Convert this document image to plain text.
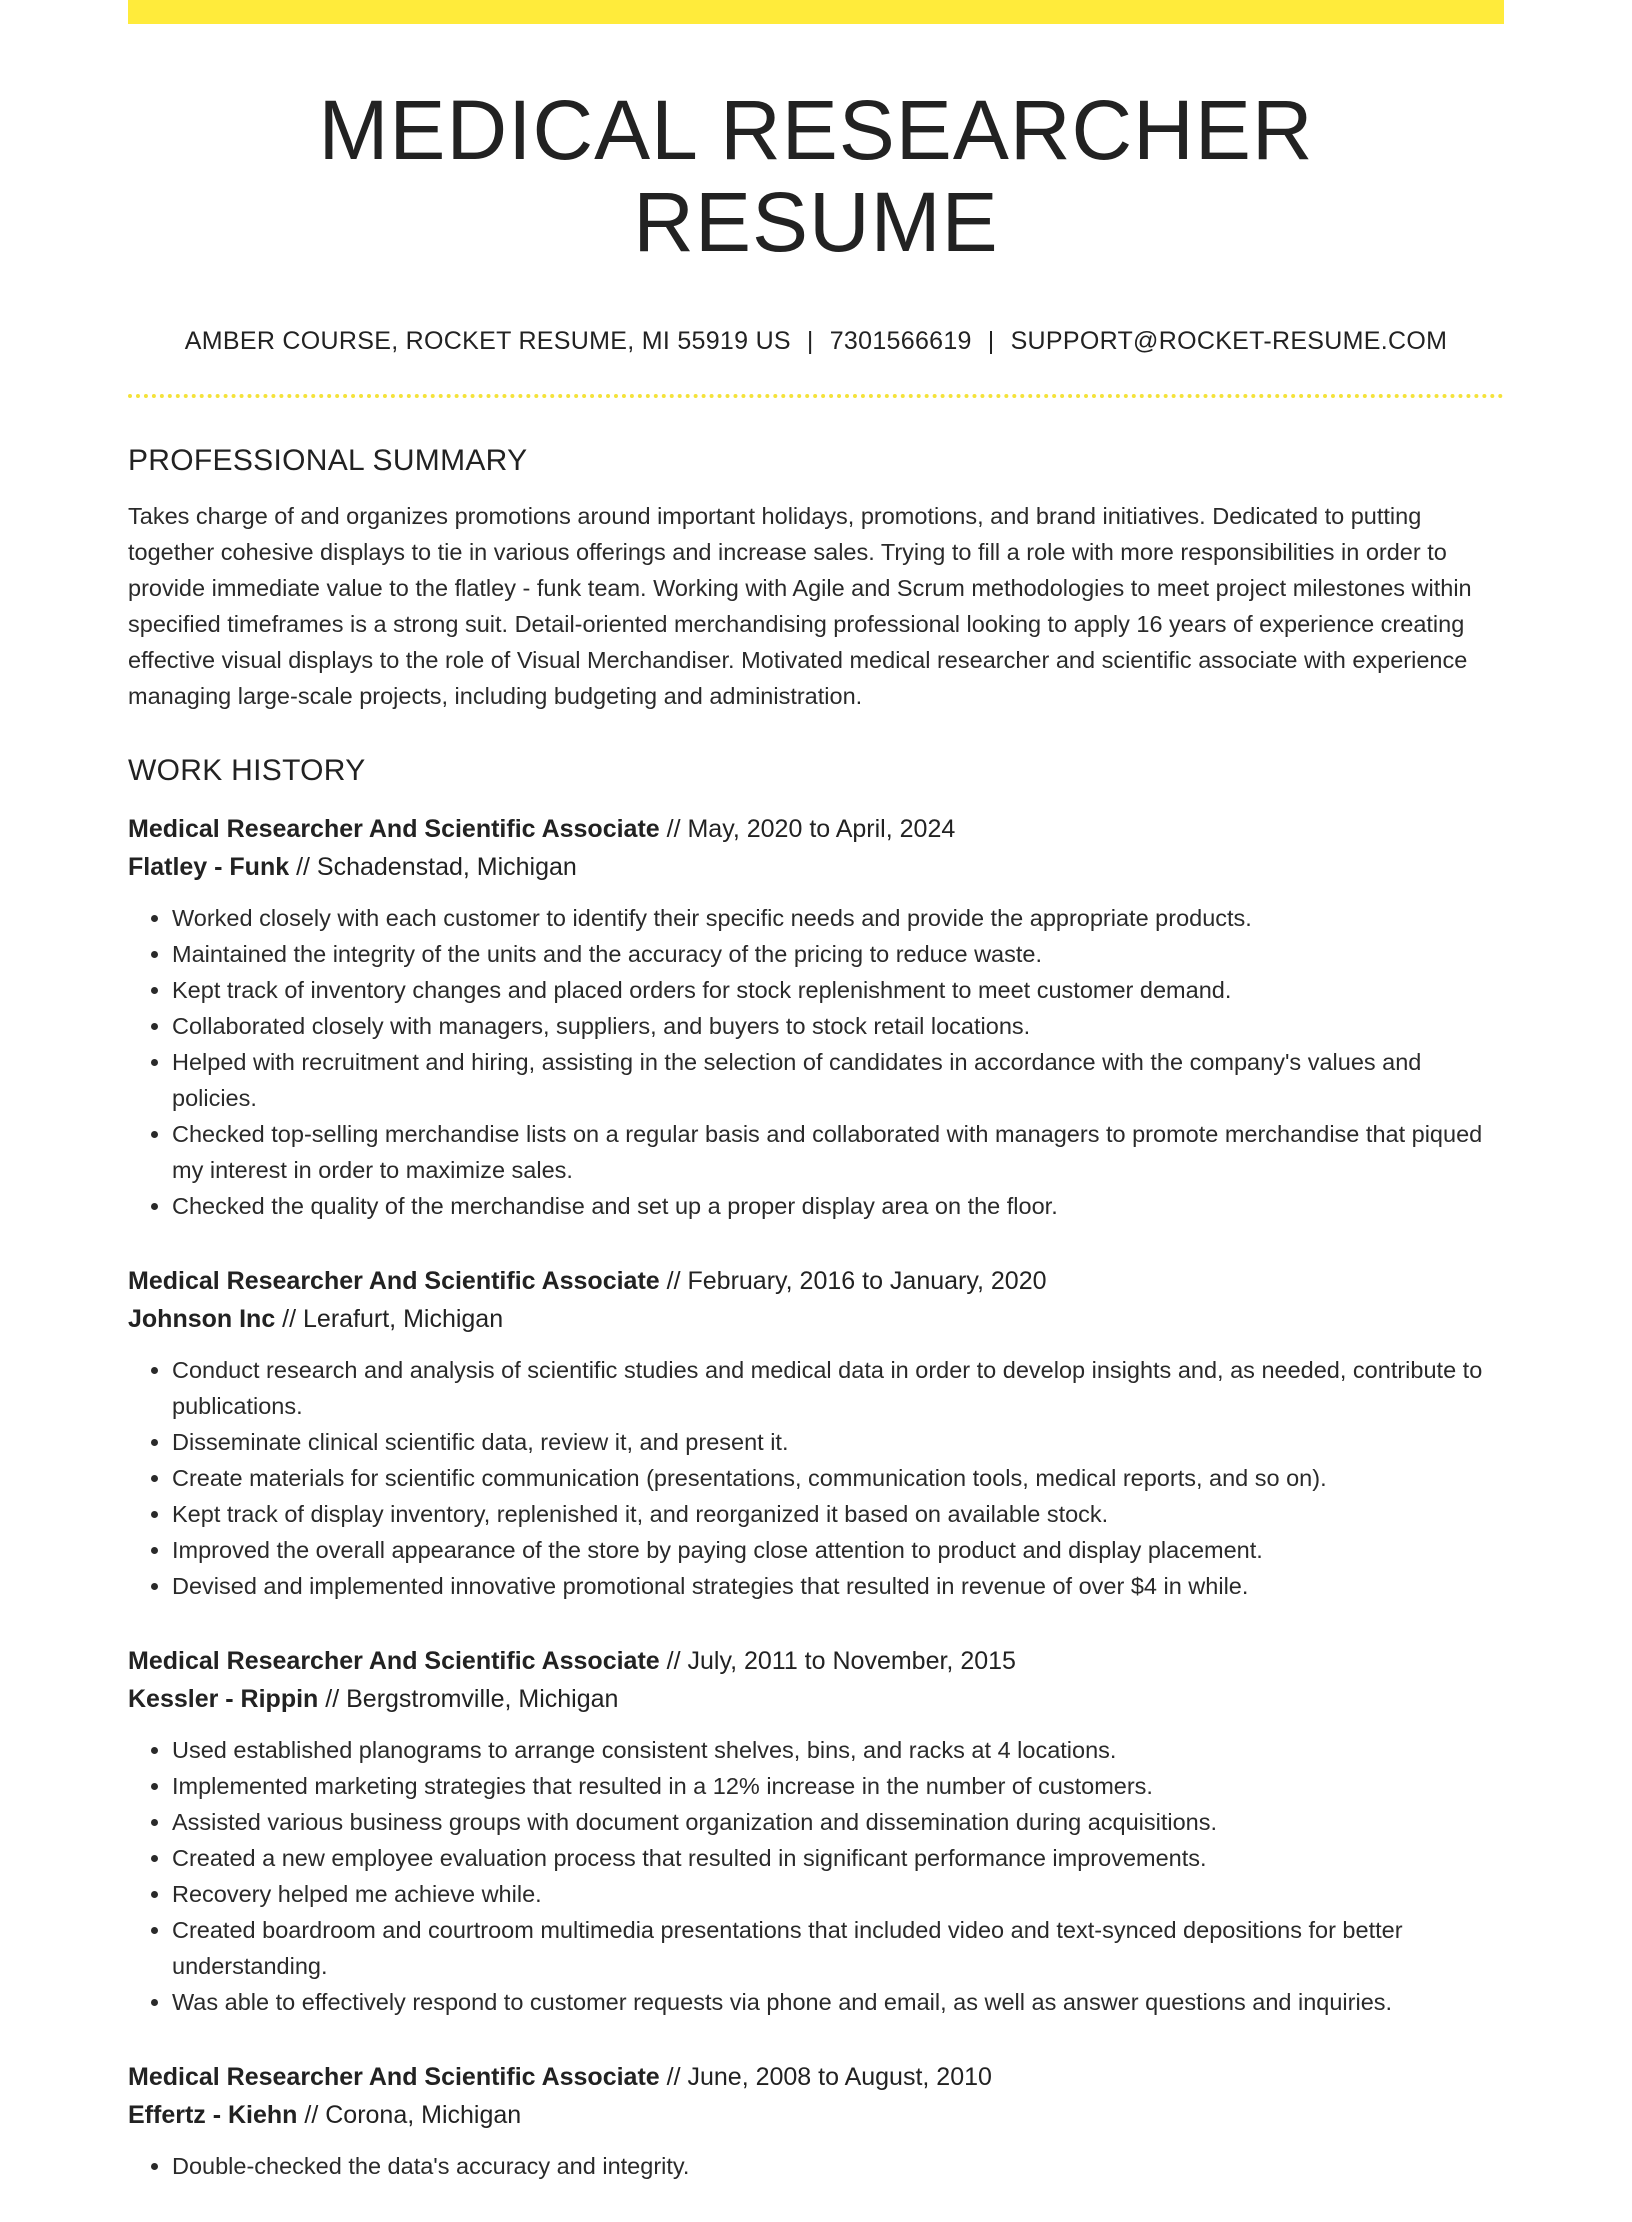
MEDICAL RESEARCHER RESUME
AMBER COURSE, ROCKET RESUME, MI 55919 US | 7301566619 | SUPPORT@ROCKET-RESUME.COM
PROFESSIONAL SUMMARY

Takes charge of and organizes promotions around important holidays, promotions, and brand initiatives. Dedicated to putting together cohesive displays to tie in various offerings and increase sales. Trying to fill a role with more responsibilities in order to provide immediate value to the flatley - funk team. Working with Agile and Scrum methodologies to meet project milestones within specified timeframes is a strong suit. Detail-oriented merchandising professional looking to apply 16 years of experience creating effective visual displays to the role of Visual Merchandiser. Motivated medical researcher and scientific associate with experience managing large-scale projects, including budgeting and administration.

WORK HISTORY
Medical Researcher And Scientific Associate // May, 2020 to April, 2024
Flatley - Funk // Schadenstad, Michigan
• Worked closely with each customer to identify their specific needs and provide the appropriate products.
• Maintained the integrity of the units and the accuracy of the pricing to reduce waste.
• Kept track of inventory changes and placed orders for stock replenishment to meet customer demand.
• Collaborated closely with managers, suppliers, and buyers to stock retail locations.
• Helped with recruitment and hiring, assisting in the selection of candidates in accordance with the company's values and policies.
• Checked top-selling merchandise lists on a regular basis and collaborated with managers to promote merchandise that piqued my interest in order to maximize sales.
• Checked the quality of the merchandise and set up a proper display area on the floor.
Medical Researcher And Scientific Associate // February, 2016 to January, 2020
Johnson Inc // Lerafurt, Michigan
• Conduct research and analysis of scientific studies and medical data in order to develop insights and, as needed, contribute to publications.
• Disseminate clinical scientific data, review it, and present it.
• Create materials for scientific communication (presentations, communication tools, medical reports, and so on).
• Kept track of display inventory, replenished it, and reorganized it based on available stock.
• Improved the overall appearance of the store by paying close attention to product and display placement.
• Devised and implemented innovative promotional strategies that resulted in revenue of over $4 in while.
Medical Researcher And Scientific Associate // July, 2011 to November, 2015
Kessler - Rippin // Bergstromville, Michigan
• Used established planograms to arrange consistent shelves, bins, and racks at 4 locations.
• Implemented marketing strategies that resulted in a 12% increase in the number of customers.
• Assisted various business groups with document organization and dissemination during acquisitions.
• Created a new employee evaluation process that resulted in significant performance improvements.
• Recovery helped me achieve while.
• Created boardroom and courtroom multimedia presentations that included video and text-synced depositions for better understanding.
• Was able to effectively respond to customer requests via phone and email, as well as answer questions and inquiries.
Medical Researcher And Scientific Associate // June, 2008 to August, 2010
Effertz - Kiehn // Corona, Michigan
• Double-checked the data's accuracy and integrity.
